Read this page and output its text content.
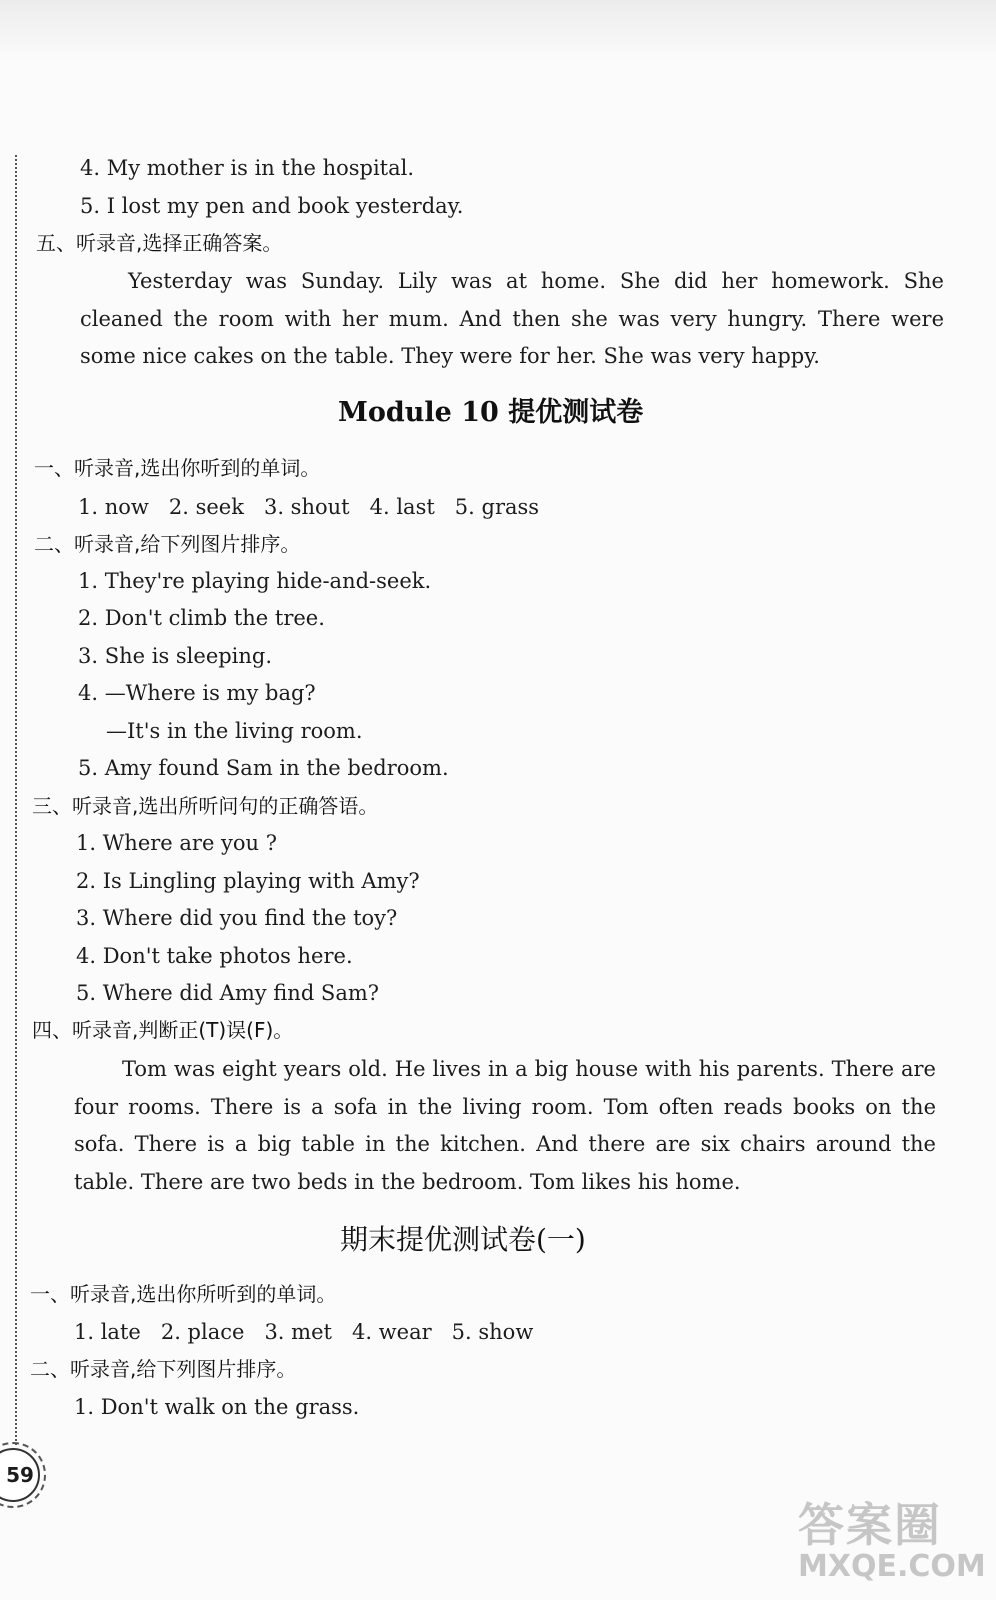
4. My mother is in the hospital.
5. I lost my pen and book yesterday.
五、听录音,选择正确答案。
Yesterday was Sunday. Lily was at home. She did her homework. She cleaned the room with her mum. And then she was very hungry. There were some nice cakes on the table. They were for her. She was very happy.
Module 10 提优测试卷
一、听录音,选出你听到的单词。
1. now   2. seek   3. shout   4. last   5. grass
二、听录音,给下列图片排序。
1. They're playing hide-and-seek.
2. Don't climb the tree.
3. She is sleeping.
4. —Where is my bag?
—It's in the living room.
5. Amy found Sam in the bedroom.
三、听录音,选出所听问句的正确答语。
1. Where are you ?
2. Is Lingling playing with Amy?
3. Where did you find the toy?
4. Don't take photos here.
5. Where did Amy find Sam?
四、听录音,判断正(T)误(F)。
Tom was eight years old. He lives in a big house with his parents. There are four rooms. There is a sofa in the living room. Tom often reads books on the sofa. There is a big table in the kitchen. And there are six chairs around the table. There are two beds in the bedroom. Tom likes his home.
期末提优测试卷(一)
一、听录音,选出你所听到的单词。
1. late   2. place   3. met   4. wear   5. show
二、听录音,给下列图片排序。
1. Don't walk on the grass.
59
答案圈
MXQE.COM
